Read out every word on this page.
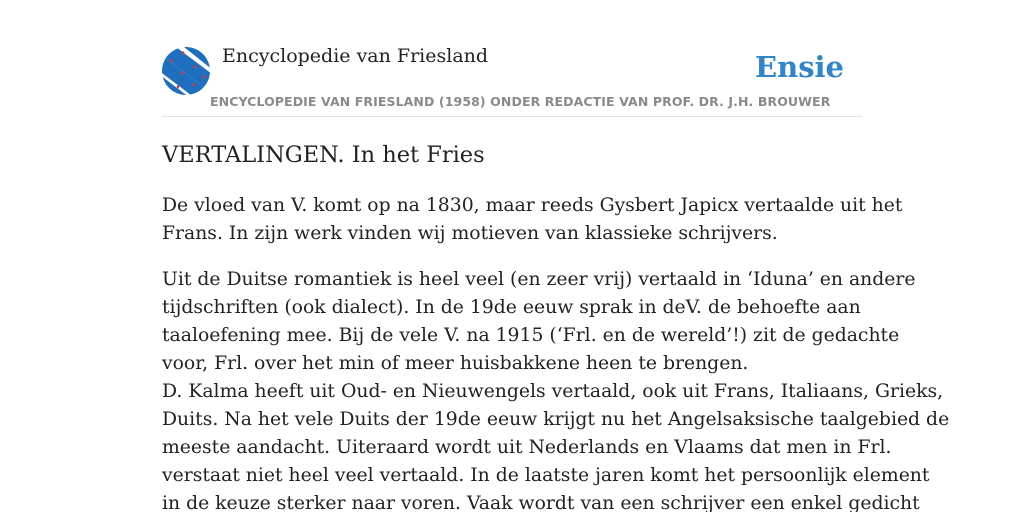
Encyclopedie van Friesland
ENCYCLOPEDIE VAN FRIESLAND (1958) ONDER REDACTIE VAN PROF. DR. J.H. BROUWER
Ensie
VERTALINGEN. In het Fries

De vloed van V. komt op na 1830, maar reeds Gysbert Japicx vertaalde uit het
Frans. In zijn werk vinden wij motieven van klassieke schrijvers.

Uit de Duitse romantiek is heel veel (en zeer vrij) vertaald in ‘Iduna’ en andere
tijdschriften (ook dialect). In de 19de eeuw sprak in deV. de behoefte aan
taaloefening mee. Bij de vele V. na 1915 (‘Frl. en de wereld’!) zit de gedachte
voor, Frl. over het min of meer huisbakkene heen te brengen.
D. Kalma heeft uit Oud- en Nieuwengels vertaald, ook uit Frans, Italiaans, Grieks,
Duits. Na het vele Duits der 19de eeuw krijgt nu het Angelsaksische taalgebied de
meeste aandacht. Uiteraard wordt uit Nederlands en Vlaams dat men in Frl.
verstaat niet heel veel vertaald. In de laatste jaren komt het persoonlijk element
in de keuze sterker naar voren. Vaak wordt van een schrijver een enkel gedicht
